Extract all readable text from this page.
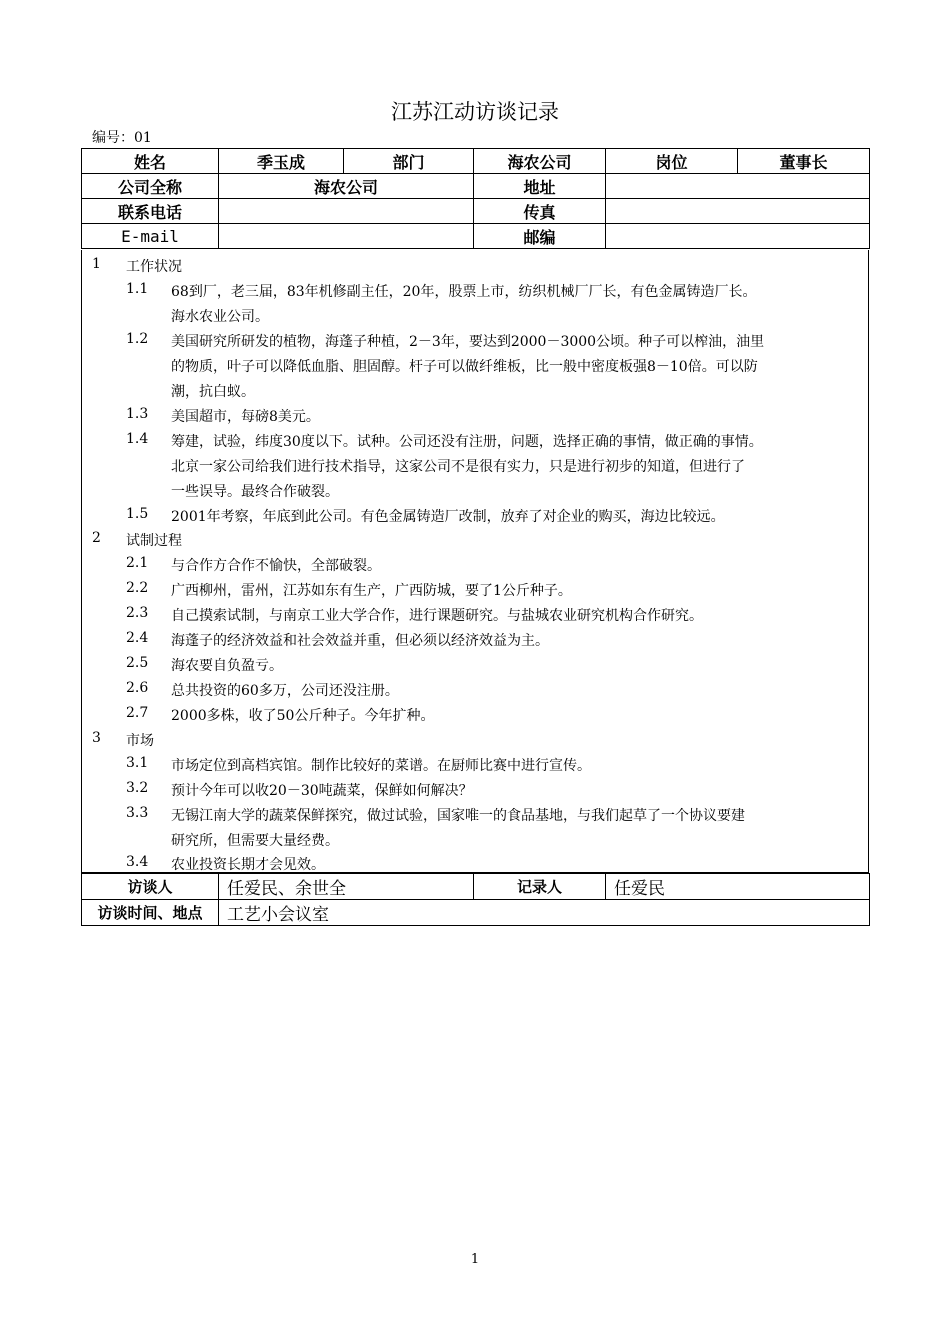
江苏江动访谈记录
编号：01
姓名	季玉成	部门	海农公司	岗位	董事长
公司全称	海农公司		地址		
联系电话			传真		
E-mail			邮编		
1 工作状况
1.1 68到厂，老三届，83年机修副主任，20年，股票上市，纺织机械厂厂长，有色金属铸造厂长。
海水农业公司。
1.2 美国研究所研发的植物，海蓬子种植，2－3年，要达到2000－3000公顷。种子可以榨油，油里
的物质，叶子可以降低血脂、胆固醇。杆子可以做纤维板，比一般中密度板强8－10倍。可以防
潮，抗白蚁。
1.3 美国超市，每磅8美元。
1.4 筹建，试验，纬度30度以下。试种。公司还没有注册，问题，选择正确的事情，做正确的事情。
北京一家公司给我们进行技术指导，这家公司不是很有实力，只是进行初步的知道，但进行了
一些误导。最终合作破裂。
1.5 2001年考察，年底到此公司。有色金属铸造厂改制，放弃了对企业的购买，海边比较远。
2 试制过程
2.1 与合作方合作不愉快，全部破裂。
2.2 广西柳州，雷州，江苏如东有生产，广西防城，要了1公斤种子。
2.3 自己摸索试制，与南京工业大学合作，进行课题研究。与盐城农业研究机构合作研究。
2.4 海蓬子的经济效益和社会效益并重，但必须以经济效益为主。
2.5 海农要自负盈亏。
2.6 总共投资的60多万，公司还没注册。
2.7 2000多株，收了50公斤种子。今年扩种。
3 市场
3.1 市场定位到高档宾馆。制作比较好的菜谱。在厨师比赛中进行宣传。
3.2 预计今年可以收20－30吨蔬菜，保鲜如何解决？
3.3 无锡江南大学的蔬菜保鲜探究，做过试验，国家唯一的食品基地，与我们起草了一个协议要建
研究所，但需要大量经费。
3.4 农业投资长期才会见效。
访谈人	任爱民、余世全	记录人	任爱民
访谈时间、地点	工艺小会议室		
1
